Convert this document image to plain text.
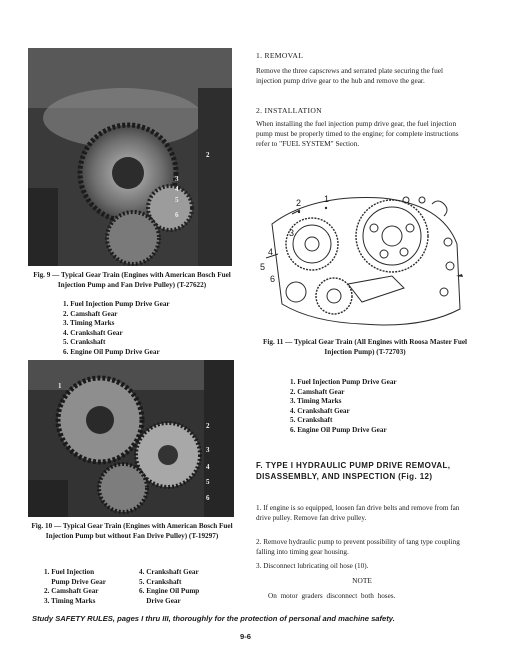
2
3
4
5
6
Fig. 9 — Typical Gear Train (Engines with American Bosch Fuel Injection Pump and Fan Drive Pulley) (T-27622)
1. Fuel Injection Pump Drive Gear
2. Camshaft Gear
3. Timing Marks
4. Crankshaft Gear
5. Crankshaft
6. Engine Oil Pump Drive Gear
1
2
3
4
5
6
Fig. 10 — Typical Gear Train (Engines with American Bosch Fuel Injection Pump but without Fan Drive Pulley) (T-19297)
1. Fuel Injection
Pump Drive Gear
2. Camshaft Gear
3. Timing Marks
4. Crankshaft Gear
5. Crankshaft
6. Engine Oil Pump
Drive Gear
1. REMOVAL
Remove the three capscrews and serrated plate securing the fuel injection pump drive gear to the hub and remove the gear.
2. INSTALLATION
When installing the fuel injection pump drive gear, the fuel injection pump must be properly timed to the engine; for complete instructions refer to "FUEL SYSTEM" Section.
2	1
3
4
5
6
Fig. 11 — Typical Gear Train (All Engines with Roosa Master Fuel Injection Pump) (T-72703)
1. Fuel Injection Pump Drive Gear
2. Camshaft Gear
3. Timing Marks
4. Crankshaft Gear
5. Crankshaft
6. Engine Oil Pump Drive Gear
F. TYPE I HYDRAULIC PUMP DRIVE REMOVAL, DISASSEMBLY, AND INSPECTION (Fig. 12)
1. If engine is so equipped, loosen fan drive belts and remove from fan drive pulley. Remove fan drive pulley.
2. Remove hydraulic pump to prevent possibility of tang type coupling falling into timing gear housing.
3. Disconnect lubricating oil hose (10).
NOTE
On motor graders disconnect both hoses.
Study SAFETY RULES, pages I thru III, thoroughly for the protection of personal and machine safety.
9-6
